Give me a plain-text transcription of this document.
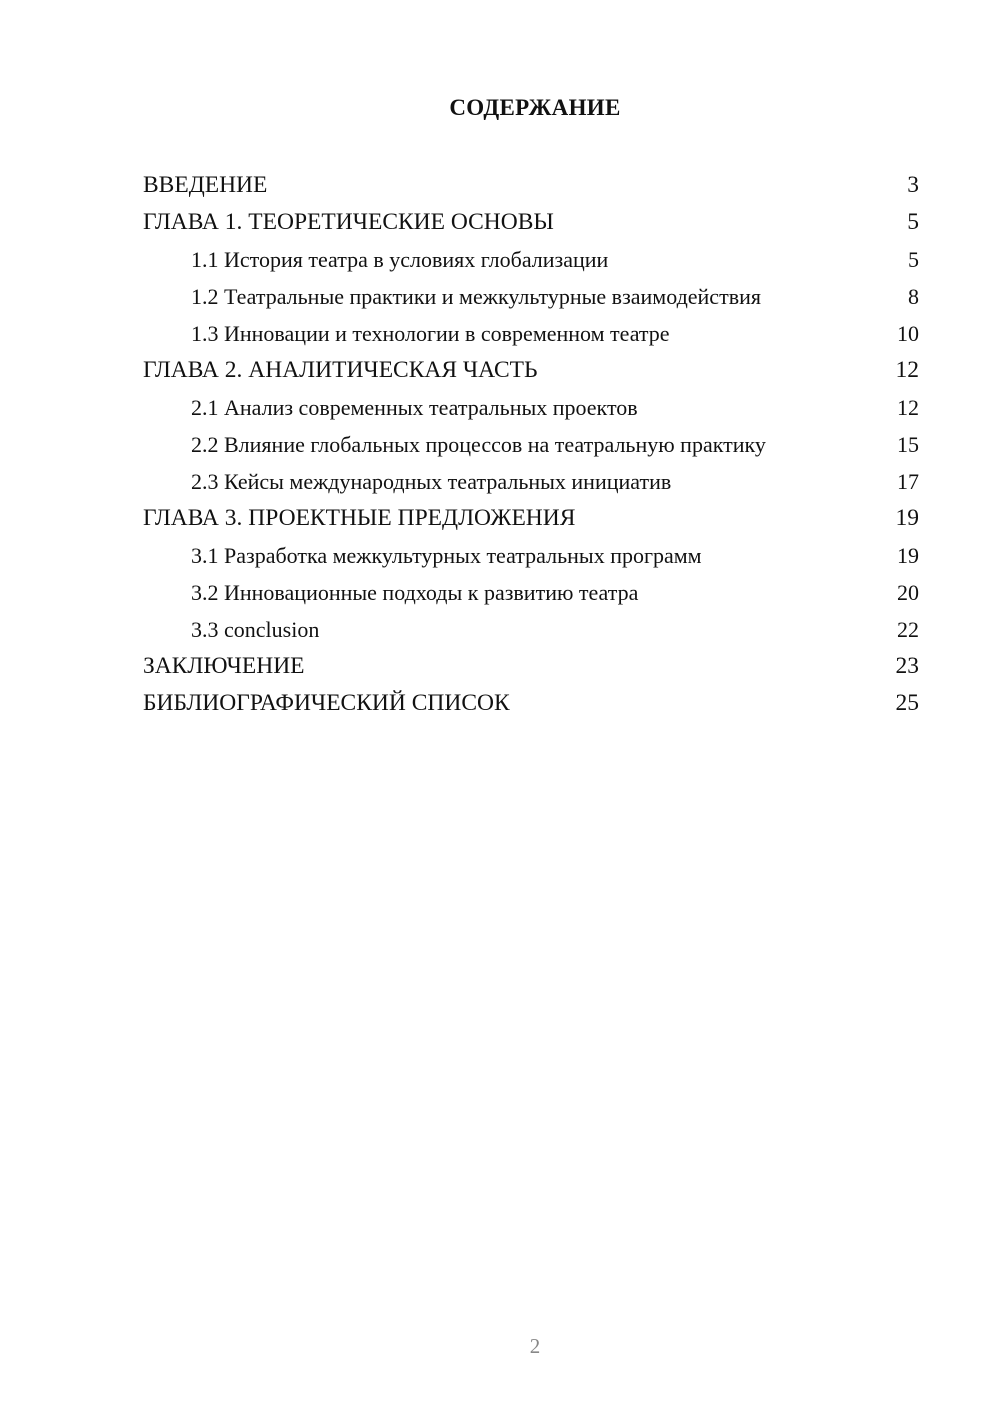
СОДЕРЖАНИЕ
ВВЕДЕНИЕ	3
ГЛАВА 1. ТЕОРЕТИЧЕСКИЕ ОСНОВЫ	5
1.1 История театра в условиях глобализации	5
1.2 Театральные практики и межкультурные взаимодействия	8
1.3 Инновации и технологии в современном театре	10
ГЛАВА 2. АНАЛИТИЧЕСКАЯ ЧАСТЬ	12
2.1 Анализ современных театральных проектов	12
2.2 Влияние глобальных процессов на театральную практику	15
2.3 Кейсы международных театральных инициатив	17
ГЛАВА 3. ПРОЕКТНЫЕ ПРЕДЛОЖЕНИЯ	19
3.1 Разработка межкультурных театральных программ	19
3.2 Инновационные подходы к развитию театра	20
3.3 conclusion	22
ЗАКЛЮЧЕНИЕ	23
БИБЛИОГРАФИЧЕСКИЙ СПИСОК	25
2
